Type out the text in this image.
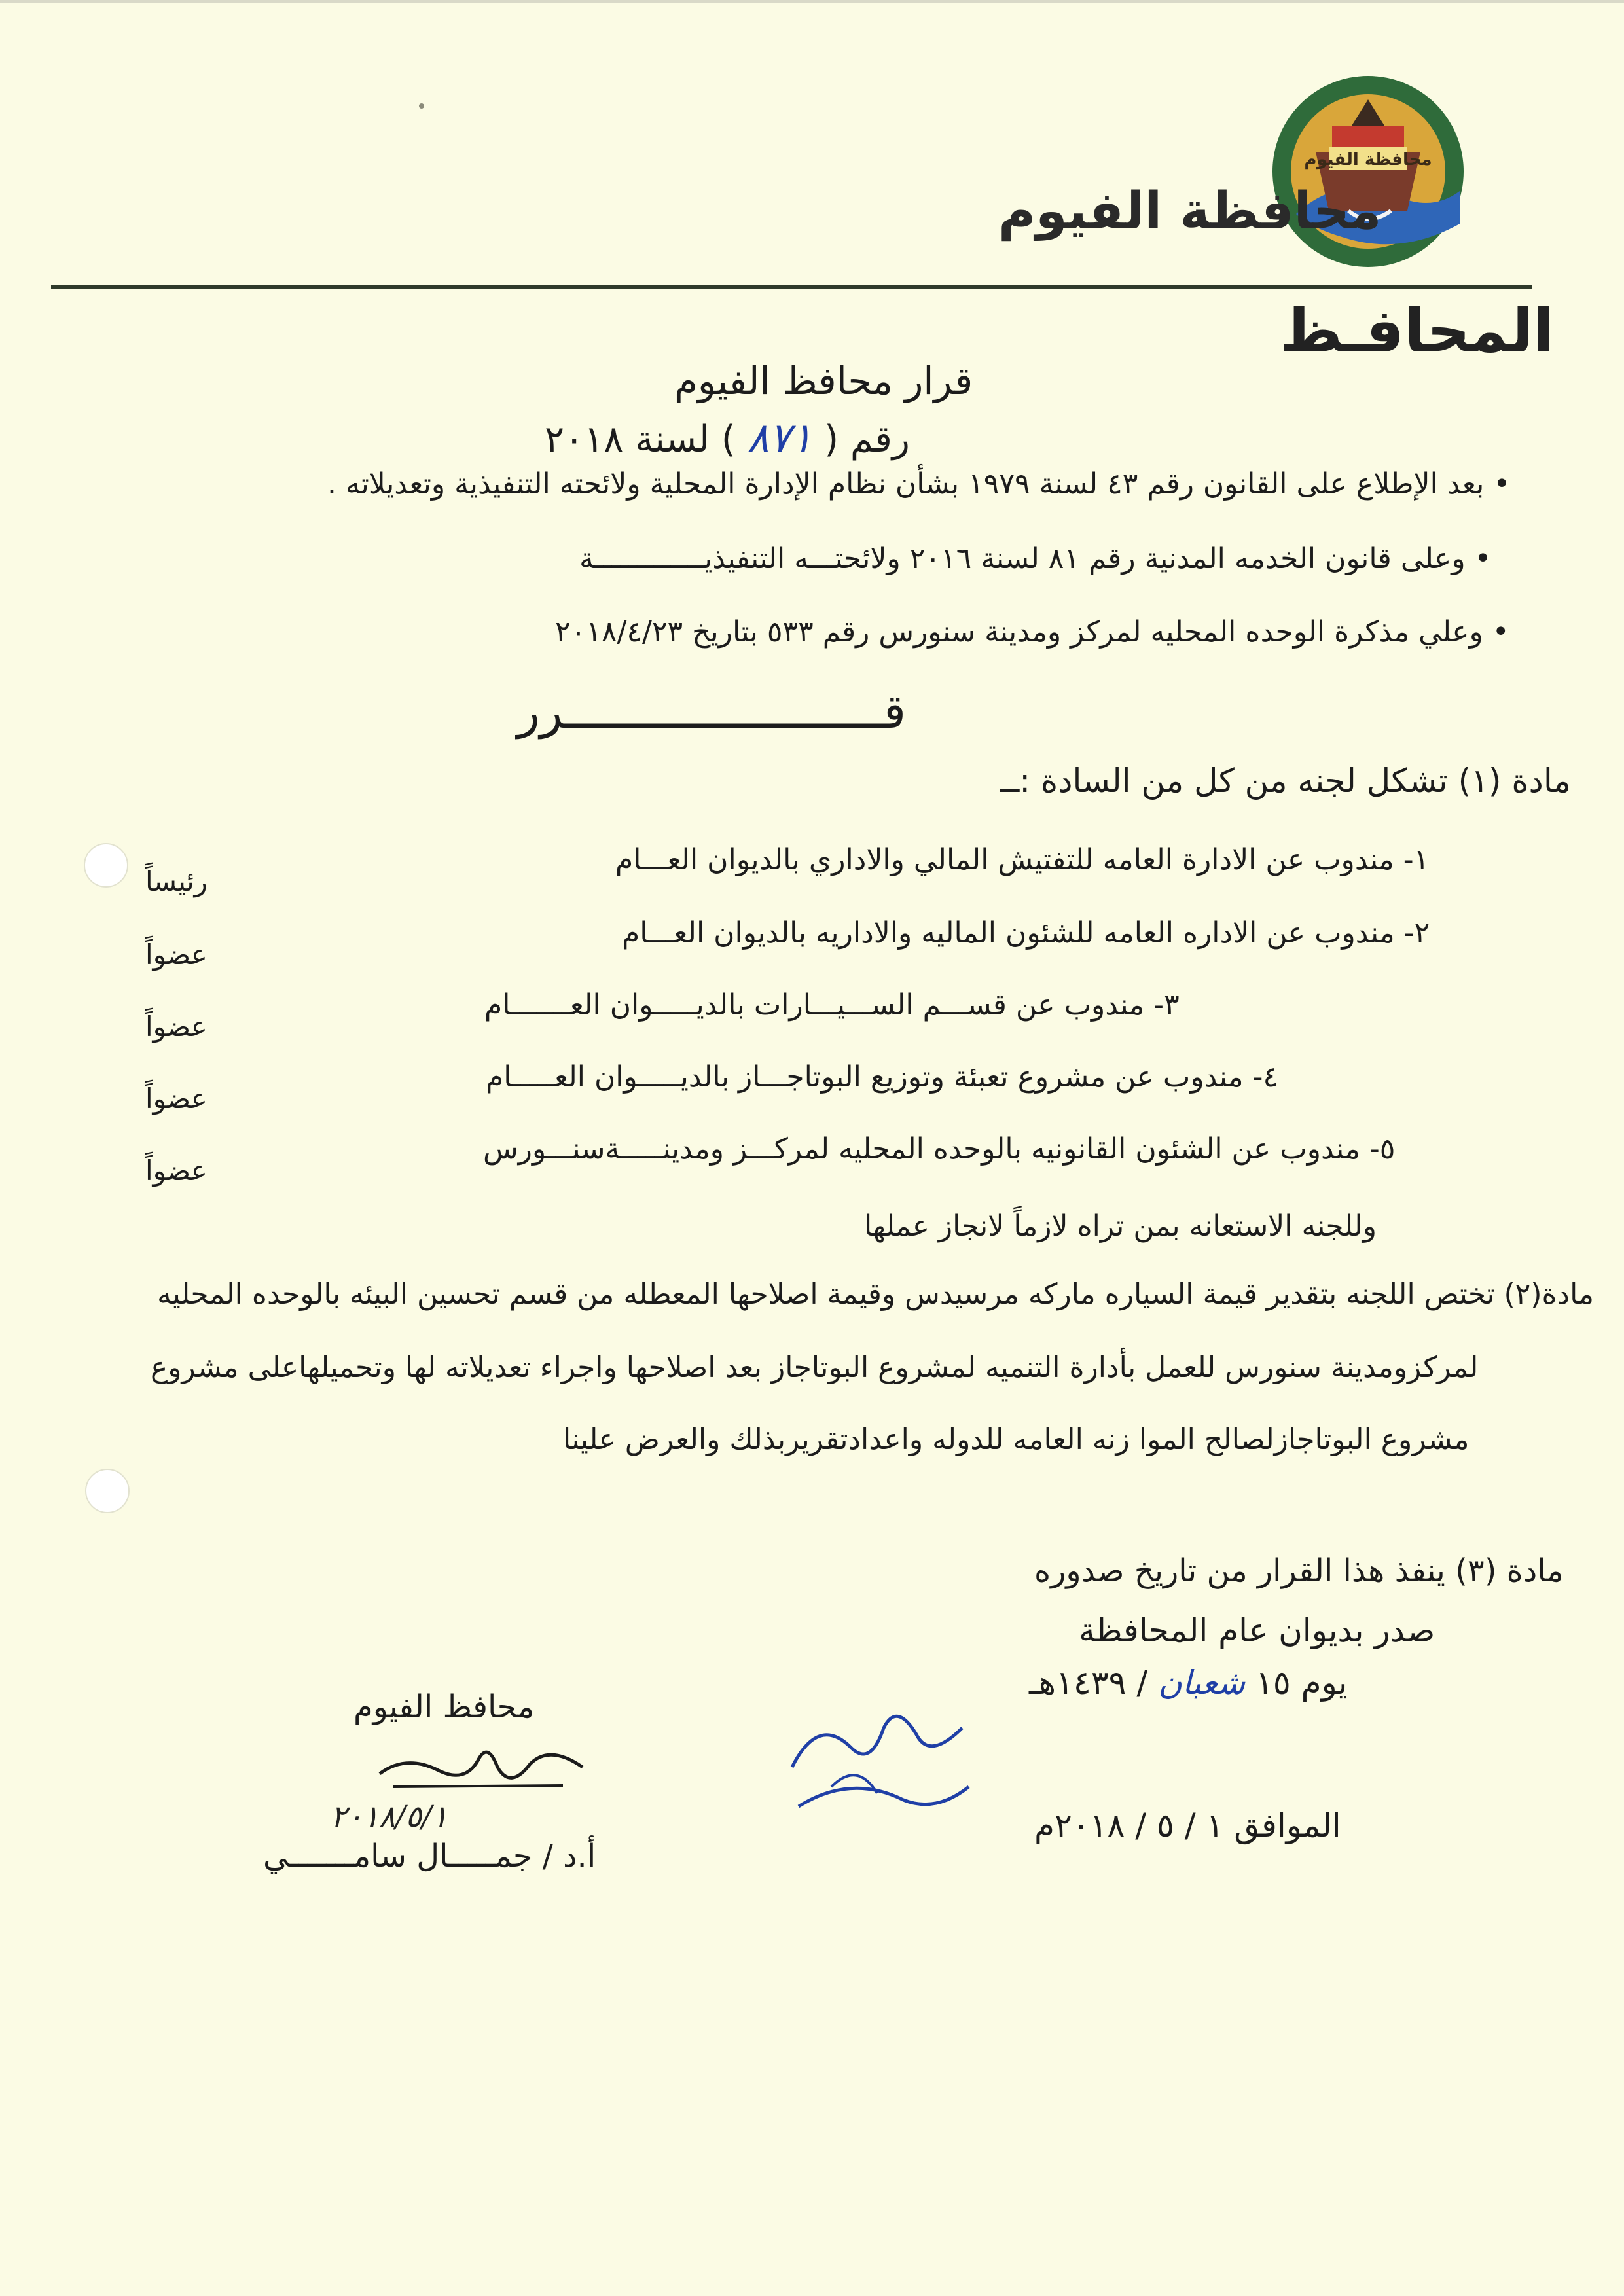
محافظة الفيوم
محافظة الفيوم
المحافـظ
قرار محافظ الفيوم
رقم ( ٨٧١ ) لسنة ٢٠١٨
• بعد الإطلاع على القانون رقم ٤٣ لسنة ١٩٧٩ بشأن نظام الإدارة المحلية ولائحته التنفيذية وتعديلاته .
• وعلى قانون الخدمه المدنية رقم ٨١ لسنة ٢٠١٦ ولائحتـــه التنفيذيـــــــــــــة
• وعلي مذكرة الوحده المحليه لمركز ومدينة سنورس رقم ٥٣٣ بتاريخ ٢٠١٨/٤/٢٣
قـــــــــــــــــــــــرر
مادة (١) تشكل لجنه من كل من السادة :ــ
١- مندوب عن الادارة العامه للتفتيش المالي والاداري بالديوان العـــام
٢- مندوب عن الاداره العامه للشئون الماليه والاداريه بالديوان العـــام
٣- مندوب عن قســـم الســـيـــارات بالديـــــوان العـــــــام
٤- مندوب عن مشروع تعبئة وتوزيع البوتاجـــاز بالديـــــوان العـــــام
٥- مندوب عن الشئون القانونيه بالوحده المحليه لمركـــز ومدينـــــةسنـــورس
رئيساً
عضواً
عضواً
عضواً
عضواً
وللجنه الاستعانه بمن تراه لازماً لانجاز عملها
مادة(٢) تختص اللجنه بتقدير قيمة السياره ماركه مرسيدس وقيمة اصلاحها المعطله من قسم تحسين البيئه بالوحده المحليه
لمركزومدينة سنورس للعمل بأدارة التنميه لمشروع البوتاجاز بعد اصلاحها واجراء تعديلاته لها وتحميلهاعلى مشروع
مشروع البوتاجازلصالح الموا زنه العامه للدوله واعدادتقريربذلك والعرض علينا
مادة (٣) ينفذ هذا القرار من تاريخ صدوره
صدر بديوان عام المحافظة
يوم ١٥ شعبان / ١٤٣٩هـ
الموافق ١ / ٥ / ٢٠١٨م
محافظ الفيوم
٢٠١٨/٥/١
أ.د / جمـــــال سامـــــــي
